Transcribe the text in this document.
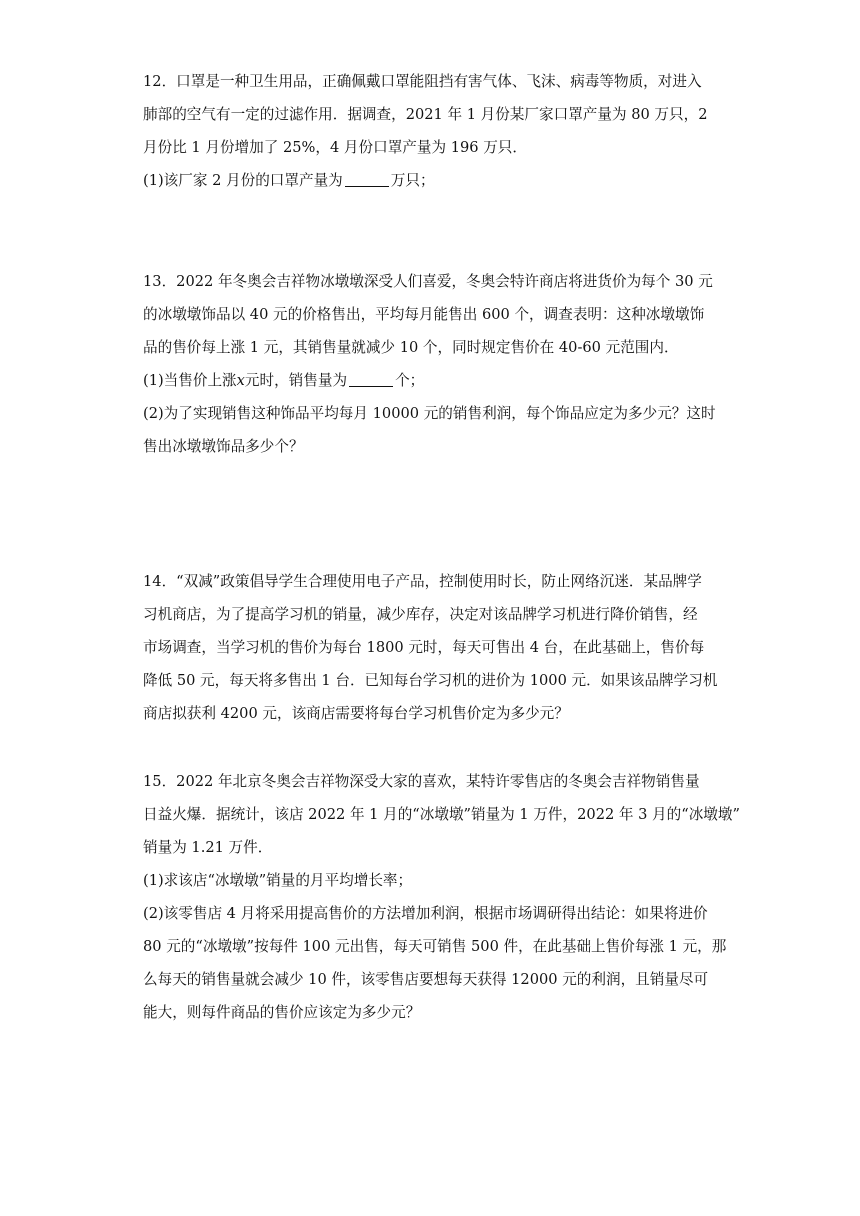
12．口罩是一种卫生用品，正确佩戴口罩能阻挡有害气体、飞沫、病毒等物质，对进入
肺部的空气有一定的过滤作用．据调查，2021 年 1 月份某厂家口罩产量为 80 万只，2
月份比 1 月份增加了 25%，4 月份口罩产量为 196 万只．
(1)该厂家 2 月份的口罩产量为	万只；
13．2022 年冬奥会吉祥物冰墩墩深受人们喜爱，冬奥会特许商店将进货价为每个 30 元
的冰墩墩饰品以 40 元的价格售出，平均每月能售出 600 个，调查表明：这种冰墩墩饰
品的售价每上涨 1 元，其销售量就减少 10 个，同时规定售价在 40-60 元范围内．
(1)当售价上涨x元时，销售量为	个；
(2)为了实现销售这种饰品平均每月 10000 元的销售利润，每个饰品应定为多少元？这时
售出冰墩墩饰品多少个？
14．“双减”政策倡导学生合理使用电子产品，控制使用时长，防止网络沉迷．某品牌学
习机商店，为了提高学习机的销量，减少库存，决定对该品牌学习机进行降价销售，经
市场调查，当学习机的售价为每台 1800 元时，每天可售出 4 台，在此基础上，售价每
降低 50 元，每天将多售出 1 台．已知每台学习机的进价为 1000 元．如果该品牌学习机
商店拟获利 4200 元，该商店需要将每台学习机售价定为多少元？
15．2022 年北京冬奥会吉祥物深受大家的喜欢，某特许零售店的冬奥会吉祥物销售量
日益火爆．据统计，该店 2022 年 1 月的“冰墩墩”销量为 1 万件，2022 年 3 月的“冰墩墩”
销量为 1.21 万件．
(1)求该店“冰墩墩”销量的月平均增长率；
(2)该零售店 4 月将采用提高售价的方法增加利润，根据市场调研得出结论：如果将进价
80 元的“冰墩墩”按每件 100 元出售，每天可销售 500 件，在此基础上售价每涨 1 元，那
么每天的销售量就会减少 10 件，该零售店要想每天获得 12000 元的利润，且销量尽可
能大，则每件商品的售价应该定为多少元？
